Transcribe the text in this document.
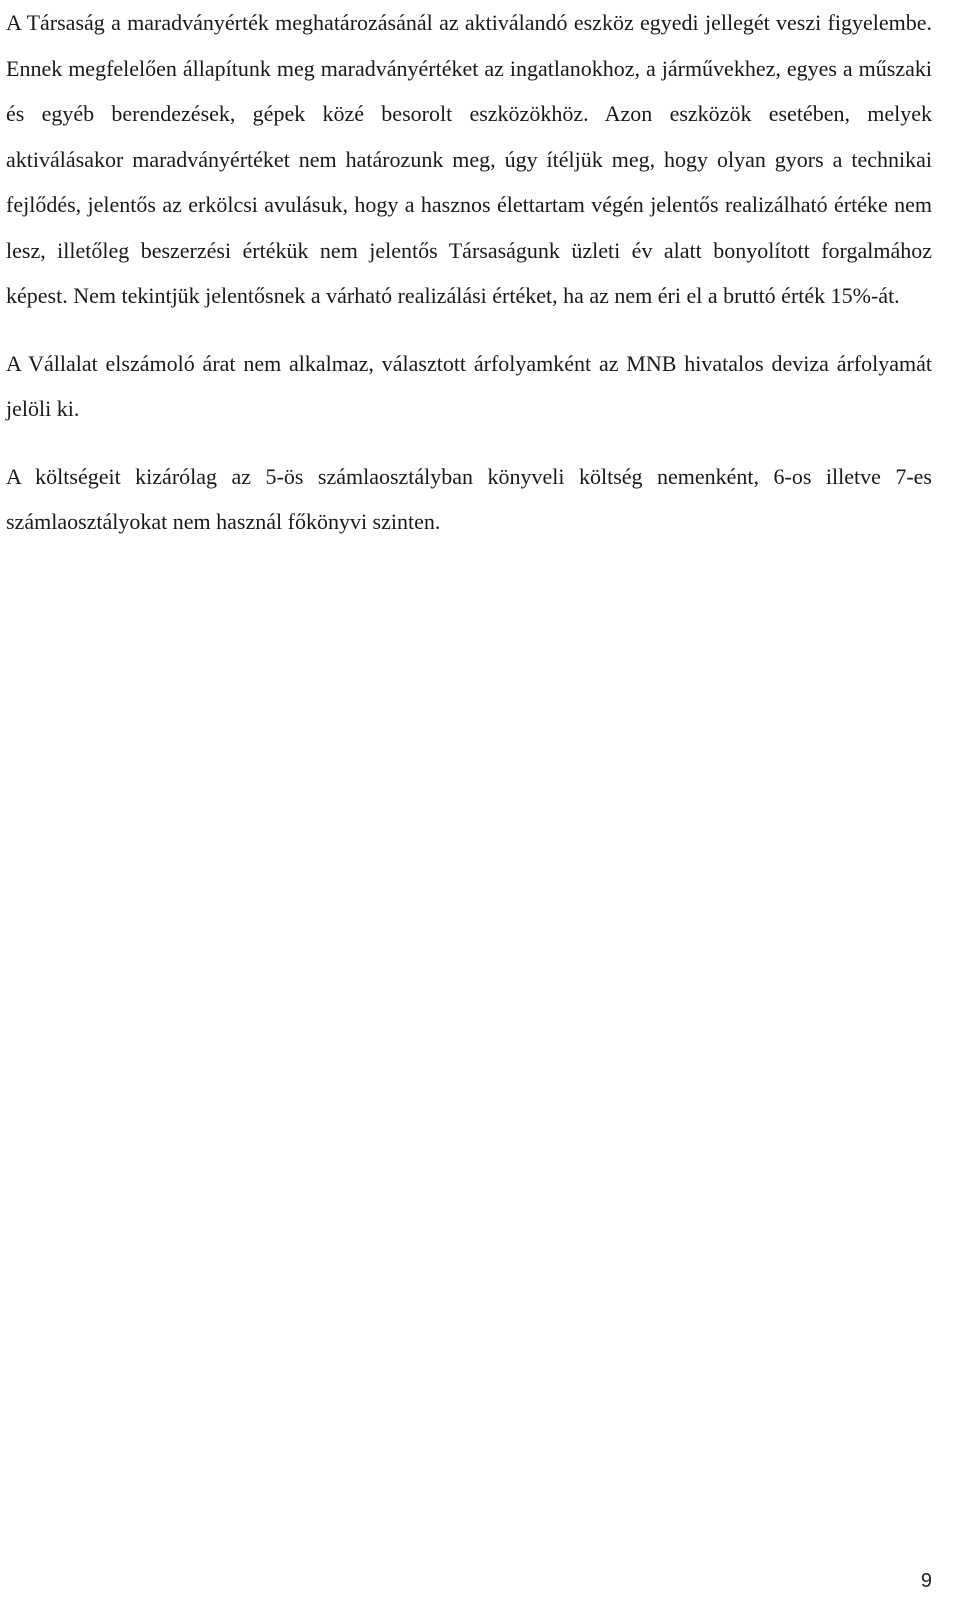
A Társaság a maradványérték meghatározásánál az aktiválandó eszköz egyedi jellegét veszi figyelembe. Ennek megfelelően állapítunk meg maradványértéket az ingatlanokhoz, a járművekhez, egyes a műszaki és egyéb berendezések, gépek közé besorolt eszközökhöz. Azon eszközök esetében, melyek aktiválásakor maradványértéket nem határozunk meg, úgy ítéljük meg, hogy olyan gyors a technikai fejlődés, jelentős az erkölcsi avulásuk, hogy a hasznos élettartam végén jelentős realizálható értéke nem lesz, illetőleg beszerzési értékük nem jelentős Társaságunk üzleti év alatt bonyolított forgalmához képest. Nem tekintjük jelentősnek a várható realizálási értéket, ha az nem éri el a bruttó érték 15%-át.

A Vállalat elszámoló árat nem alkalmaz, választott árfolyamként az MNB hivatalos deviza árfolyamát jelöli ki.

A költségeit kizárólag az 5-ös számlaosztályban könyveli költség nemenként, 6-os illetve 7-es számlaosztályokat nem használ főkönyvi szinten.

9
